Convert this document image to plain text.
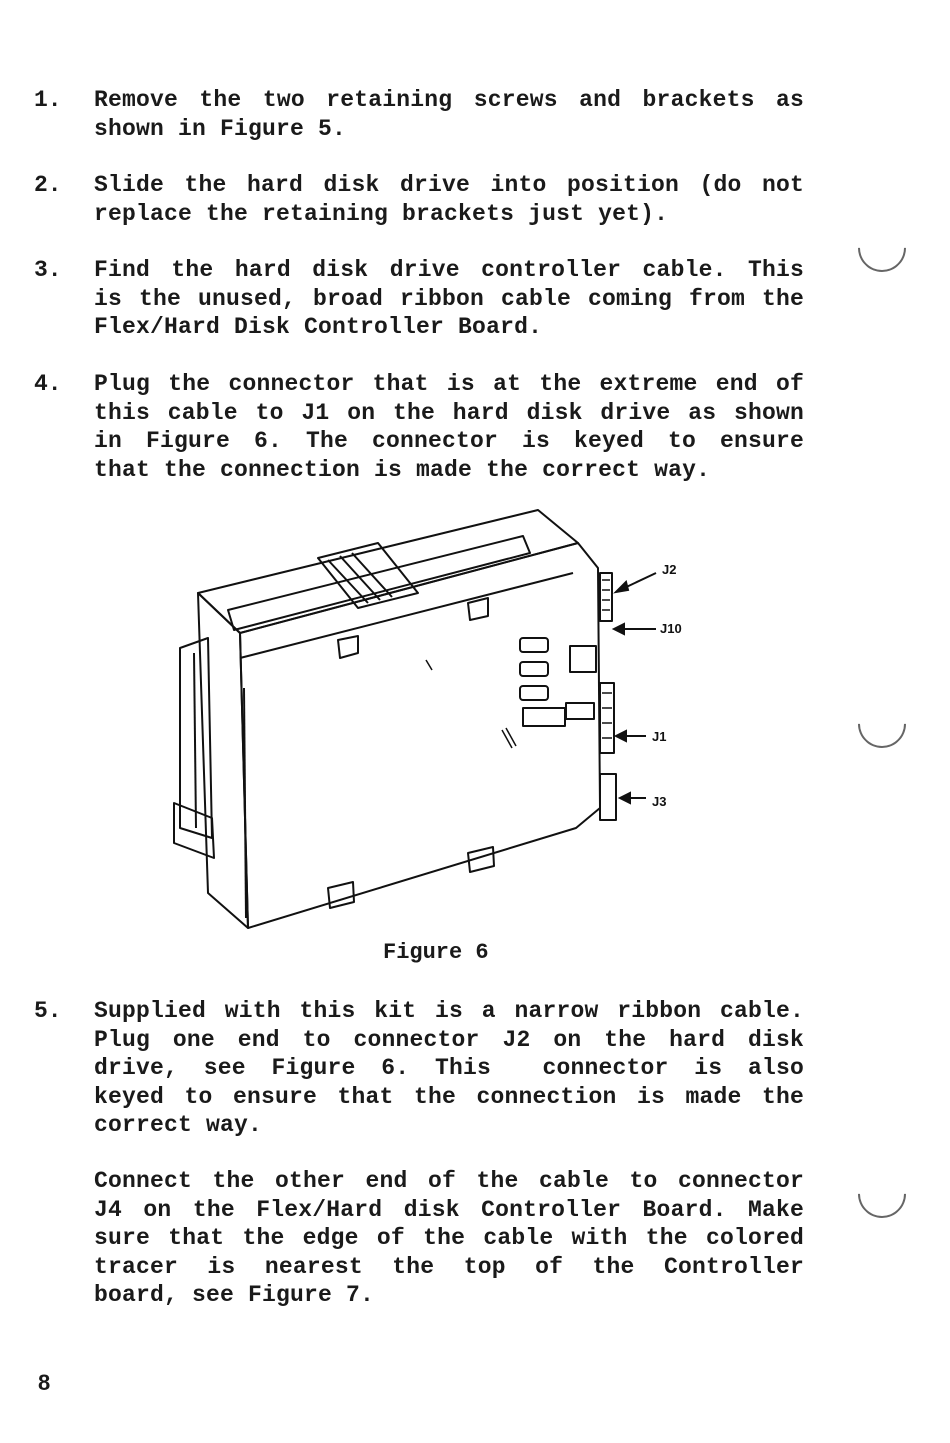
1. Remove the two retaining screws and brackets as
shown in Figure 5.
2. Slide the hard disk drive into position (do not
replace the retaining brackets just yet).
3. Find the hard disk drive controller cable. This
is the unused, broad ribbon cable coming from the
Flex/Hard Disk Controller Board.
4. Plug the connector that is at the extreme end of
this cable to J1 on the hard disk drive as shown
in Figure 6. The connector is keyed to ensure
that the connection is made the correct way.
J2
J10
J1
J3
Figure 6
5. Supplied with this kit is a narrow ribbon cable.
Plug one end to connector J2 on the hard disk
drive, see Figure 6. This  connector is also
keyed to ensure that the connection is made the
correct way.
Connect the other end of the cable to connector
J4 on the Flex/Hard disk Controller Board. Make
sure that the edge of the cable with the colored
tracer is nearest the top of the Controller
board, see Figure 7.
8
